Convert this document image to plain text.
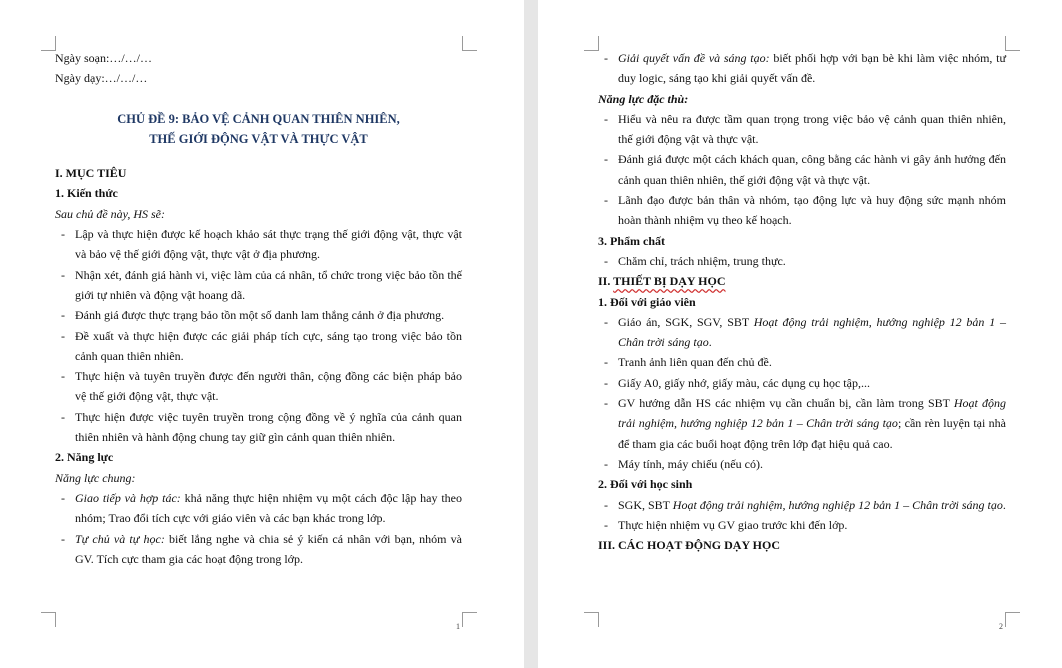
Ngày soạn:…/…/…
Ngày dạy:…/…/…
CHỦ ĐỀ 9: BẢO VỆ CẢNH QUAN THIÊN NHIÊN,
THẾ GIỚI ĐỘNG VẬT VÀ THỰC VẬT
I. MỤC TIÊU
1. Kiến thức
Sau chủ đề này, HS sẽ:
- Lập và thực hiện được kế hoạch khảo sát thực trạng thế giới động vật, thực vật và bảo vệ thế giới động vật, thực vật ở địa phương.
- Nhận xét, đánh giá hành vi, việc làm của cá nhân, tổ chức trong việc bảo tồn thế giới tự nhiên và động vật hoang dã.
- Đánh giá được thực trạng bảo tồn một số danh lam thắng cảnh ở địa phương.
- Đề xuất và thực hiện được các giải pháp tích cực, sáng tạo trong việc bảo tồn cảnh quan thiên nhiên.
- Thực hiện và tuyên truyền được đến người thân, cộng đồng các biện pháp bảo vệ thế giới động vật, thực vật.
- Thực hiện được việc tuyên truyền trong cộng đồng về ý nghĩa của cảnh quan thiên nhiên và hành động chung tay giữ gìn cảnh quan thiên nhiên.
2. Năng lực
Năng lực chung:
- Giao tiếp và hợp tác: khả năng thực hiện nhiệm vụ một cách độc lập hay theo nhóm; Trao đổi tích cực với giáo viên và các bạn khác trong lớp.
- Tự chủ và tự học: biết lắng nghe và chia sẻ ý kiến cá nhân với bạn, nhóm và GV. Tích cực tham gia các hoạt động trong lớp.
1
- Giải quyết vấn đề và sáng tạo: biết phối hợp với bạn bè khi làm việc nhóm, tư duy logic, sáng tạo khi giải quyết vấn đề.
Năng lực đặc thù:
- Hiểu và nêu ra được tầm quan trọng trong việc bảo vệ cảnh quan thiên nhiên, thế giới động vật và thực vật.
- Đánh giá được một cách khách quan, công bằng các hành vi gây ảnh hưởng đến cảnh quan thiên nhiên, thế giới động vật và thực vật.
- Lãnh đạo được bản thân và nhóm, tạo động lực và huy động sức mạnh nhóm hoàn thành nhiệm vụ theo kế hoạch.
3. Phẩm chất
- Chăm chỉ, trách nhiệm, trung thực.
II. THIẾT BỊ DẠY HỌC
1. Đối với giáo viên
- Giáo án, SGK, SGV, SBT Hoạt động trải nghiệm, hướng nghiệp 12 bản 1 – Chân trời sáng tạo.
- Tranh ảnh liên quan đến chủ đề.
- Giấy A0, giấy nhớ, giấy màu, các dụng cụ học tập,...
- GV hướng dẫn HS các nhiệm vụ cần chuẩn bị, cần làm trong SBT Hoạt động trải nghiệm, hướng nghiệp 12 bản 1 – Chân trời sáng tạo; cần rèn luyện tại nhà để tham gia các buổi hoạt động trên lớp đạt hiệu quả cao.
- Máy tính, máy chiếu (nếu có).
2. Đối với học sinh
- SGK, SBT Hoạt động trải nghiệm, hướng nghiệp 12 bản 1 – Chân trời sáng tạo.
- Thực hiện nhiệm vụ GV giao trước khi đến lớp.
III. CÁC HOẠT ĐỘNG DẠY HỌC
2
